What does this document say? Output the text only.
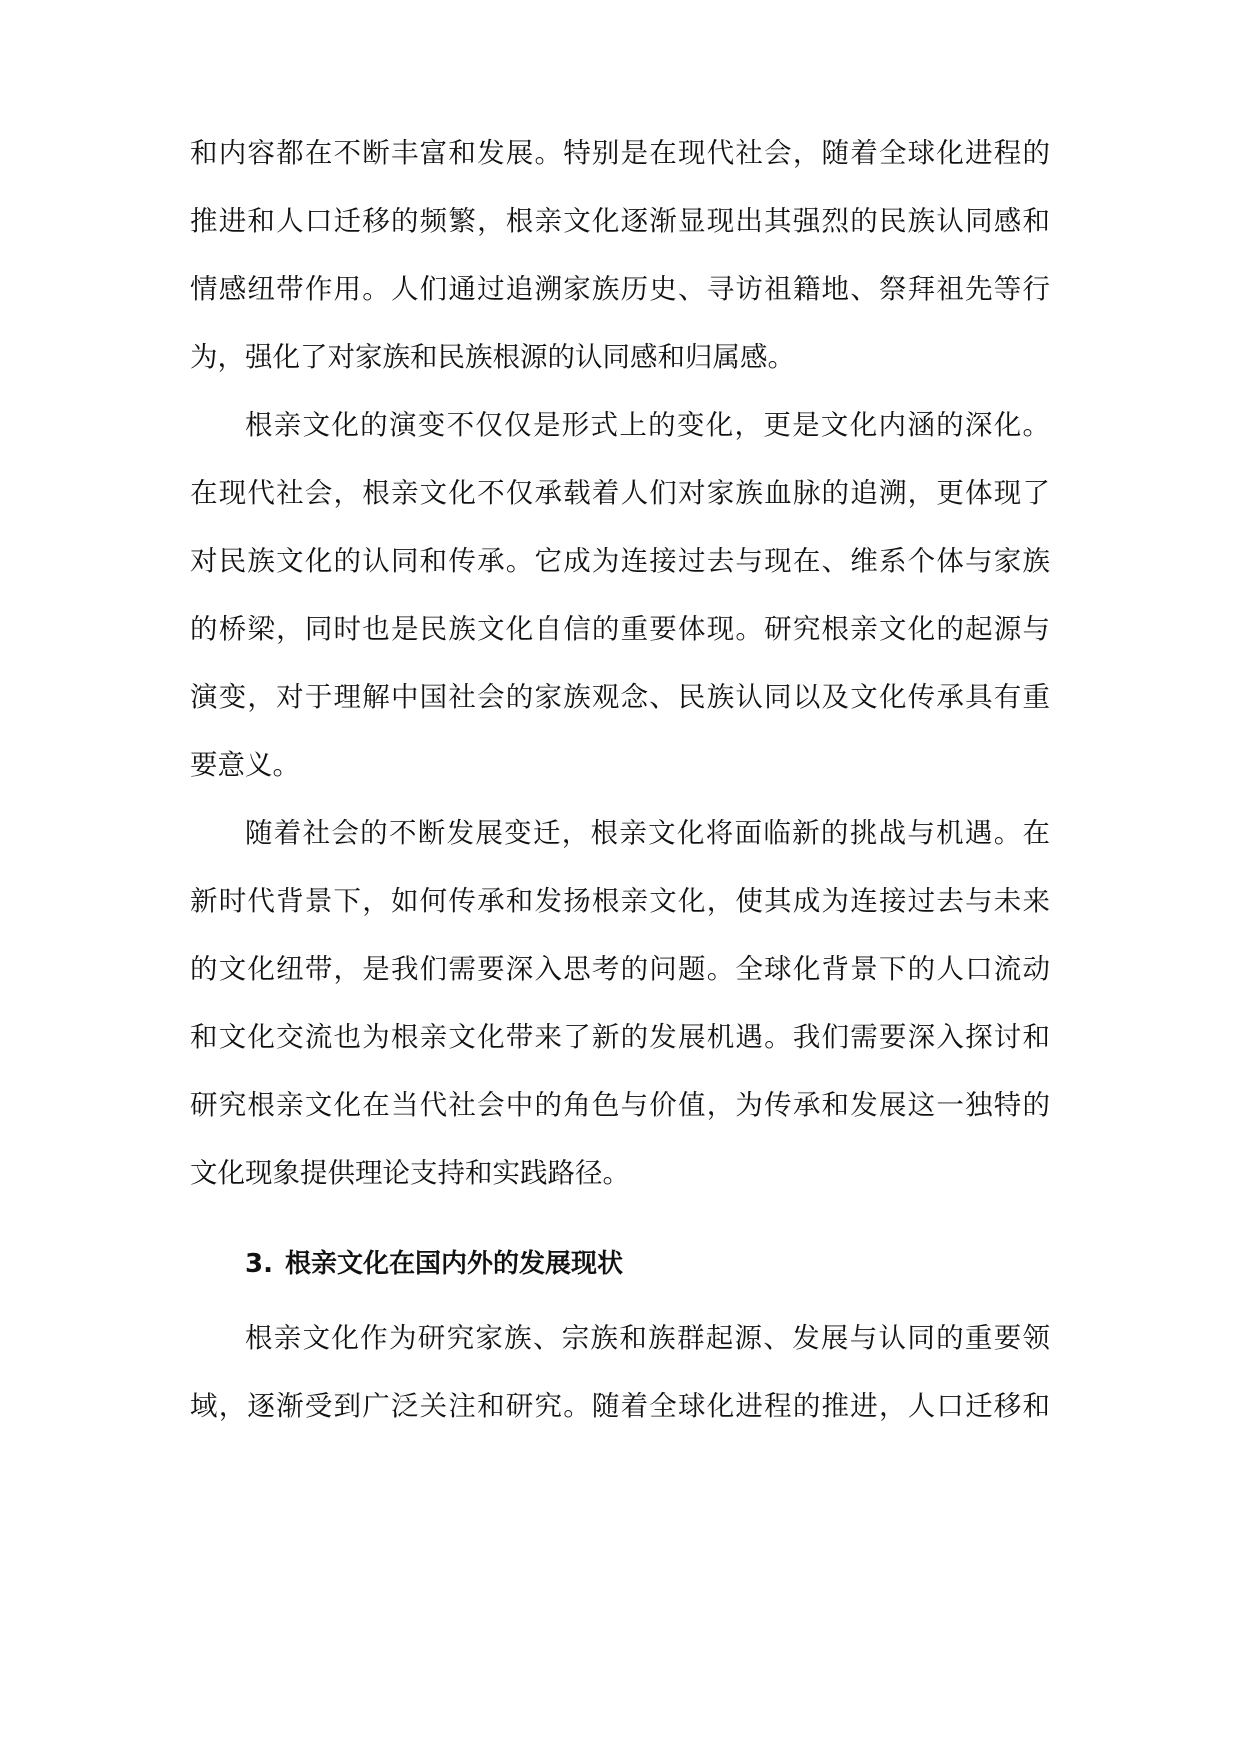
和内容都在不断丰富和发展。特别是在现代社会，随着全球化进程的
推进和人口迁移的频繁，根亲文化逐渐显现出其强烈的民族认同感和
情感纽带作用。人们通过追溯家族历史、寻访祖籍地、祭拜祖先等行
为，强化了对家族和民族根源的认同感和归属感。
根亲文化的演变不仅仅是形式上的变化，更是文化内涵的深化。
在现代社会，根亲文化不仅承载着人们对家族血脉的追溯，更体现了
对民族文化的认同和传承。它成为连接过去与现在、维系个体与家族
的桥梁，同时也是民族文化自信的重要体现。研究根亲文化的起源与
演变，对于理解中国社会的家族观念、民族认同以及文化传承具有重
要意义。
随着社会的不断发展变迁，根亲文化将面临新的挑战与机遇。在
新时代背景下，如何传承和发扬根亲文化，使其成为连接过去与未来
的文化纽带，是我们需要深入思考的问题。全球化背景下的人口流动
和文化交流也为根亲文化带来了新的发展机遇。我们需要深入探讨和
研究根亲文化在当代社会中的角色与价值，为传承和发展这一独特的
文化现象提供理论支持和实践路径。
3. 根亲文化在国内外的发展现状
根亲文化作为研究家族、宗族和族群起源、发展与认同的重要领
域，逐渐受到广泛关注和研究。随着全球化进程的推进，人口迁移和
